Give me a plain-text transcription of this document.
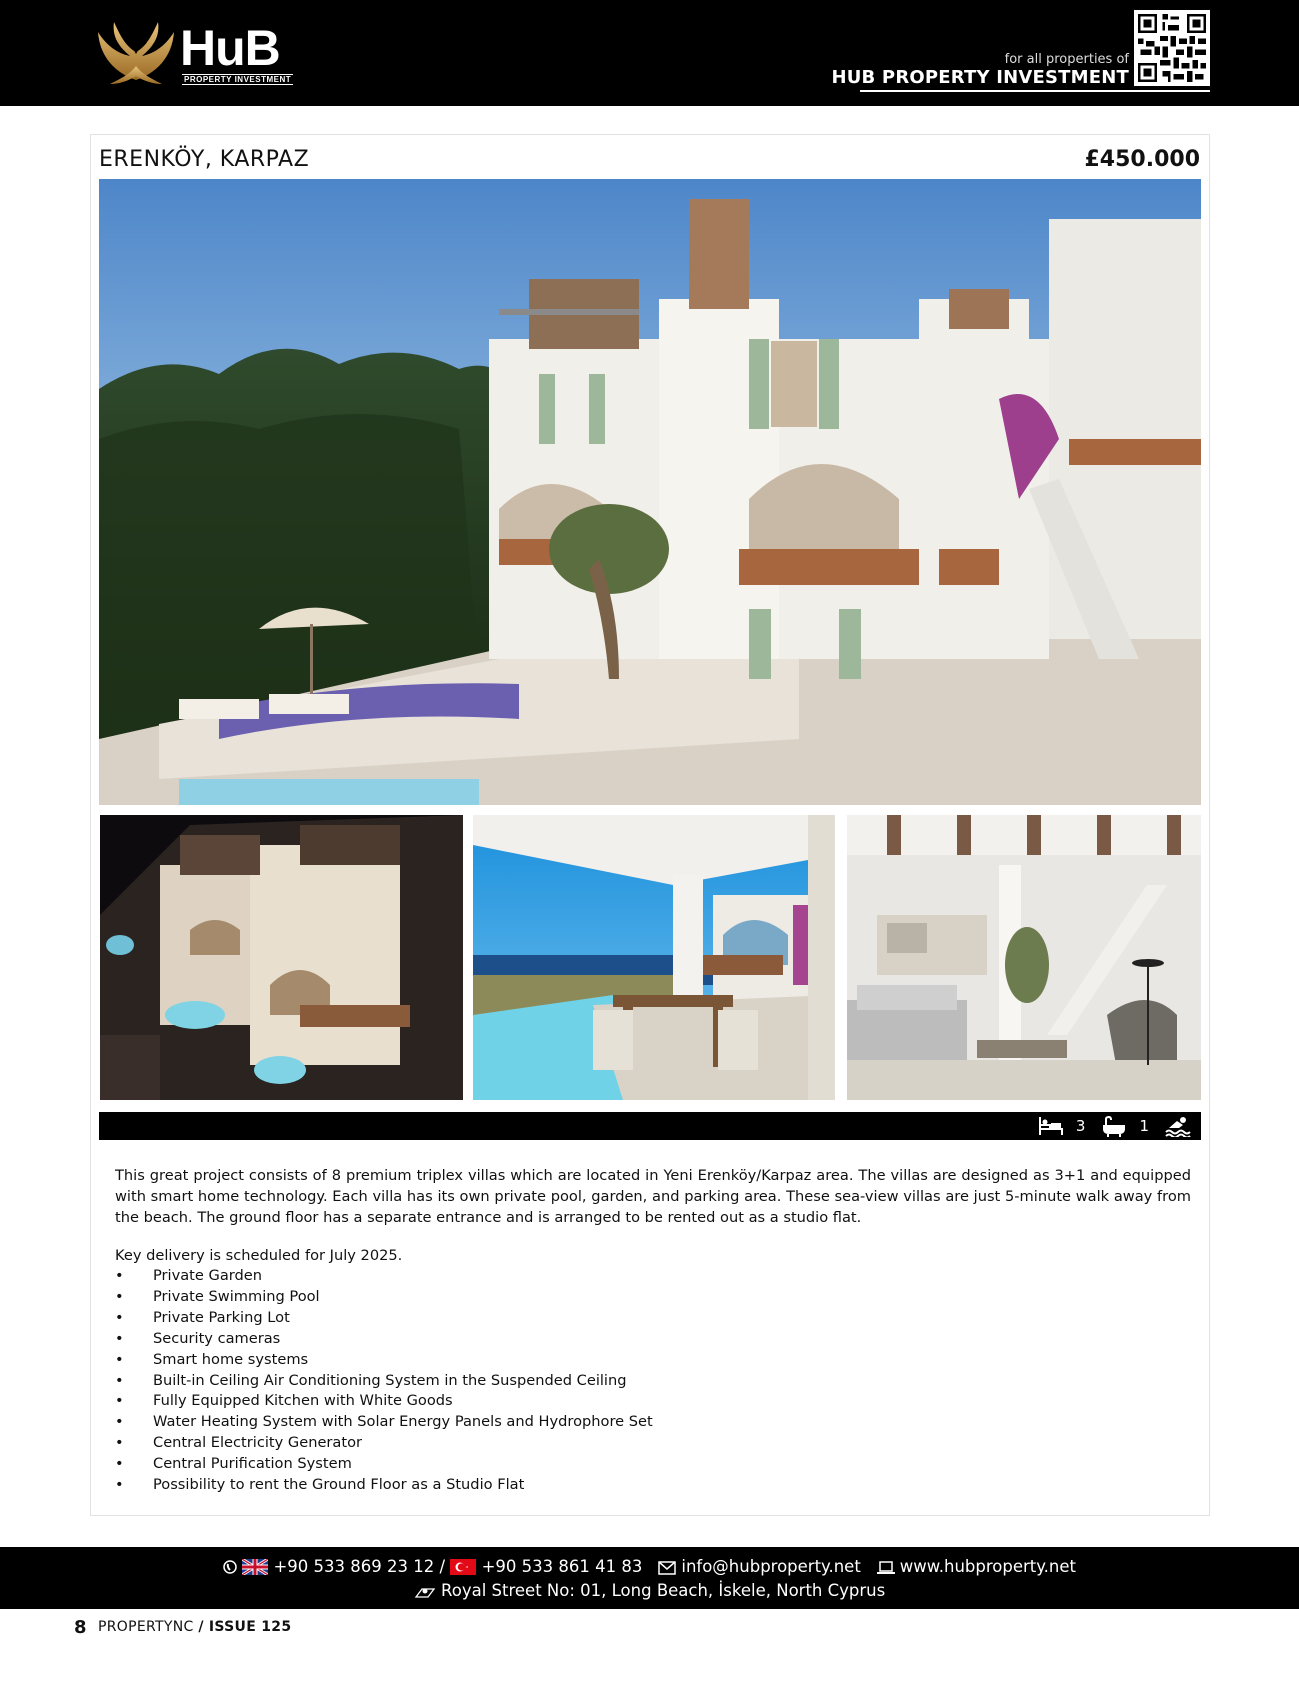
HuB
PROPERTY INVESTMENT
for all properties of
HUB PROPERTY INVESTMENT
ERENKÖY, KARPAZ	£450.000
3	1

This great project consists of 8 premium triplex villas which are located in Yeni Erenköy/Karpaz area. The villas are designed as 3+1 and equipped with smart home technology. Each villa has its own private pool, garden, and parking area. These sea-view villas are just 5-minute walk away from the beach. The ground floor has a separate entrance and is arranged to be rented out as a studio flat.

Key delivery is scheduled for July 2025.

• Private Garden
• Private Swimming Pool
• Private Parking Lot
• Security cameras
• Smart home systems
• Built-in Ceiling Air Conditioning System in the Suspended Ceiling
• Fully Equipped Kitchen with White Goods
• Water Heating System with Solar Energy Panels and Hydrophore Set
• Central Electricity Generator
• Central Purification System
• Possibility to rent the Ground Floor as a Studio Flat

+90 533 869 23 12 / +90 533 861 41 83 info@hubproperty.net www.hubproperty.net
Royal Street No: 01, Long Beach, İskele, North Cyprus
8 PROPERTYNC / ISSUE 125
